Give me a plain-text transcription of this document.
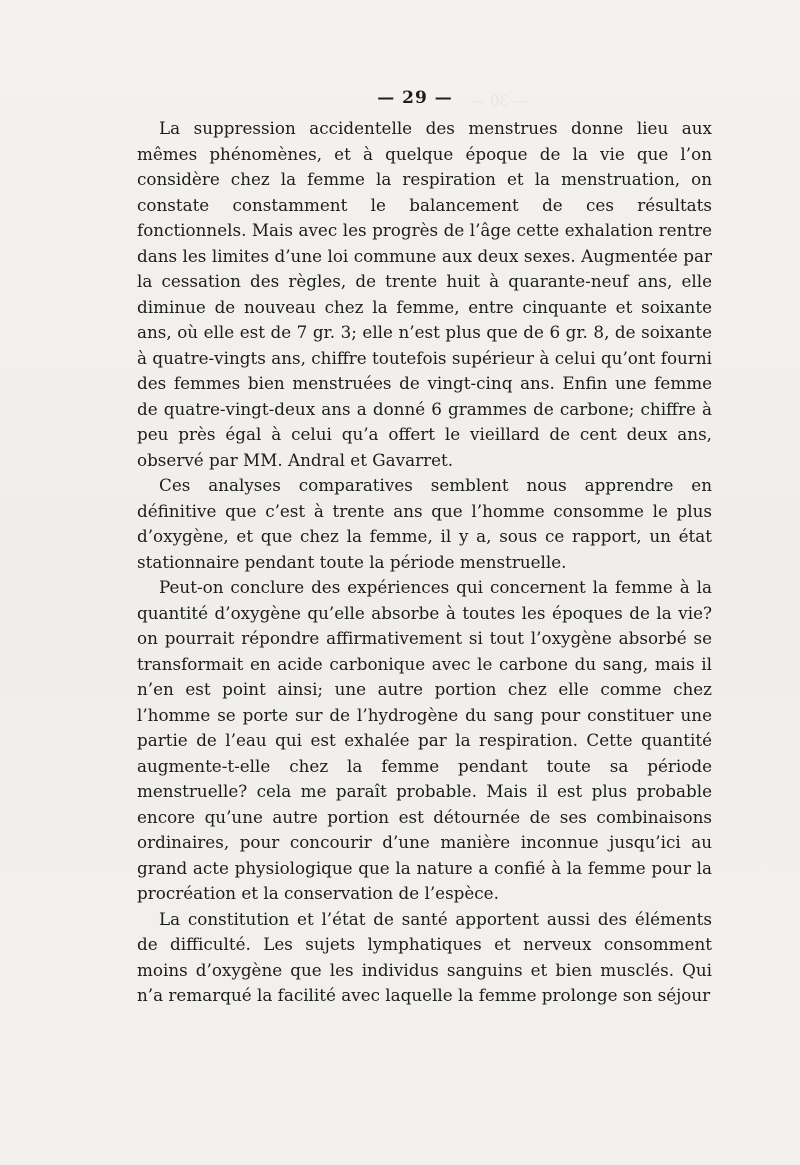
— 30 —
— 29 —

La suppression accidentelle des menstrues donne lieu aux mêmes phénomènes, et à quelque époque de la vie que l’on considère chez la femme la respiration et la menstruation, on constate constamment le balancement de ces résultats fonctionnels. Mais avec les progrès de l’âge cette exhalation rentre dans les limites d’une loi commune aux deux sexes. Augmentée par la cessation des règles, de trente huit à quarante-neuf ans, elle diminue de nouveau chez la femme, entre cinquante et soixante ans, où elle est de 7 gr. 3; elle n’est plus que de 6 gr. 8, de soixante à quatre-vingts ans, chiffre toutefois supérieur à celui qu’ont fourni des femmes bien menstruées de vingt-cinq ans. Enfin une femme de quatre-vingt-deux ans a donné 6 grammes de carbone; chiffre à peu près égal à celui qu’a offert le vieillard de cent deux ans, observé par MM. Andral et Gavarret.

Ces analyses comparatives semblent nous apprendre en définitive que c’est à trente ans que l’homme consomme le plus d’oxygène, et que chez la femme, il y a, sous ce rapport, un état stationnaire pendant toute la période menstruelle.

Peut-on conclure des expériences qui concernent la femme à la quantité d’oxygène qu’elle absorbe à toutes les époques de la vie? on pourrait répondre affirmativement si tout l’oxygène absorbé se transformait en acide carbonique avec le carbone du sang, mais il n’en est point ainsi; une autre portion chez elle comme chez l’homme se porte sur de l’hydrogène du sang pour constituer une partie de l’eau qui est exhalée par la respiration. Cette quantité augmente-t-elle chez la femme pendant toute sa période menstruelle? cela me paraît probable. Mais il est plus probable encore qu’une autre portion est détournée de ses combinaisons ordinaires, pour concourir d’une manière inconnue jusqu’ici au grand acte physiologique que la nature a confié à la femme pour la procréation et la conservation de l’espèce.

La constitution et l’état de santé apportent aussi des éléments de difficulté. Les sujets lymphatiques et nerveux consomment moins d’oxygène que les individus sanguins et bien musclés. Qui n’a remarqué la facilité avec laquelle la femme prolonge son séjour
